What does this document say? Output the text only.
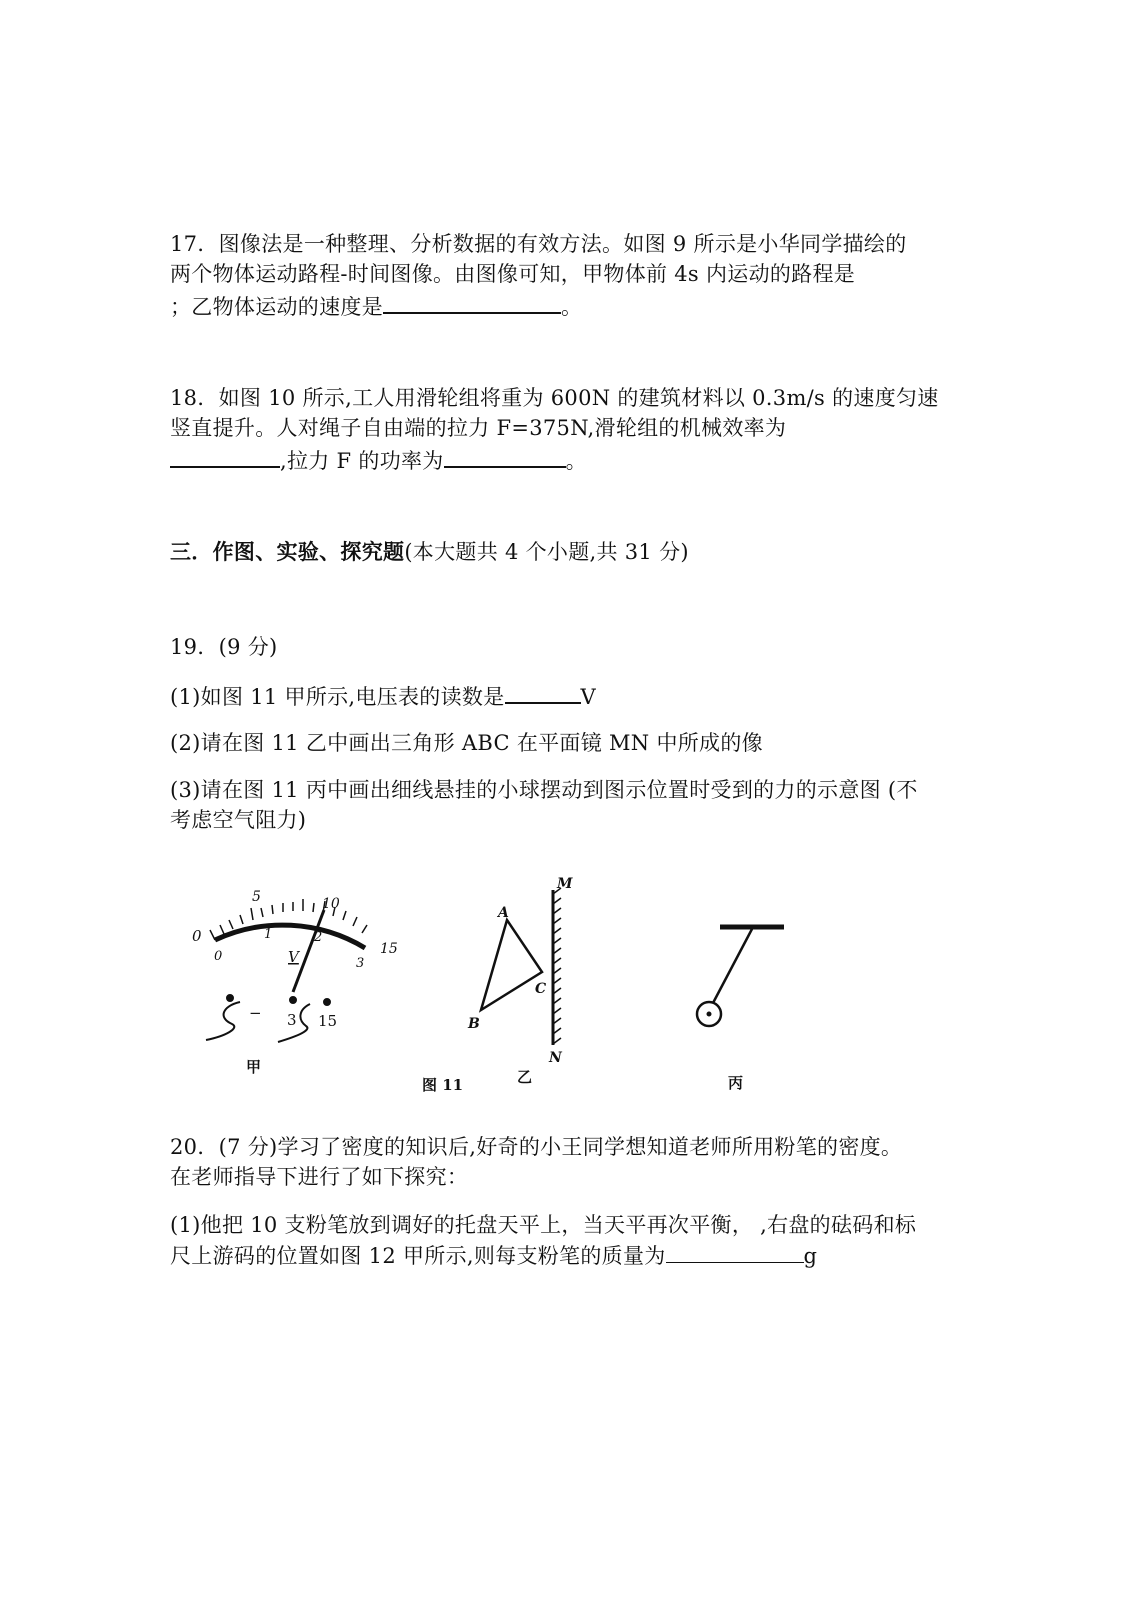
17．图像法是一种整理、分析数据的有效方法。如图 9 所示是小华同学描绘的
两个物体运动路程-时间图像。由图像可知，甲物体前 4s 内运动的路程是
；乙物体运动的速度是	。
18．如图 10 所示,工人用滑轮组将重为 600N 的建筑材料以 0.3m/s 的速度匀速
竖直提升。人对绳子自由端的拉力 F=375N,滑轮组的机械效率为
,拉力 F 的功率为	。
三．作图、实验、探究题(本大题共 4 个小题,共 31 分)
19．(9 分)
(1)如图 11 甲所示,电压表的读数是	V
(2)请在图 11 乙中画出三角形 ABC 在平面镜 MN 中所成的像
(3)请在图 11 丙中画出细线悬挂的小球摆动到图示位置时受到的力的示意图 (不
考虑空气阻力)
0
5	10
15
0
1	2
3
V
− 3 15
M
N
A
B
C
甲
图 11	乙	丙
20．(7 分)学习了密度的知识后,好奇的小王同学想知道老师所用粉笔的密度。
在老师指导下进行了如下探究：
(1)他把 10 支粉笔放到调好的托盘天平上，当天平再次平衡， ,右盘的砝码和标
尺上游码的位置如图 12 甲所示,则每支粉笔的质量为	g
